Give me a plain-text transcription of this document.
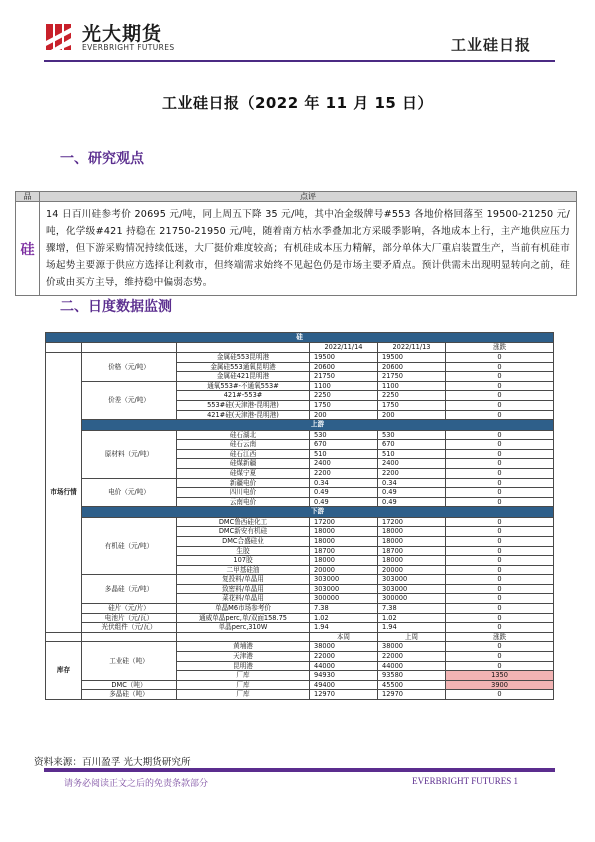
光大期货
EVERBRIGHT FUTURES	工业硅日报
工业硅日报（2022 年 11 月 15 日）
一、研究观点
品	点评
硅	14 日百川硅参考价 20695 元/吨，同上周五下降 35 元/吨，其中冶金级牌号#553 各地价格回落至 19500-21250 元/吨，化学级#421 持稳在 21750-21950 元/吨，随着南方枯水季叠加北方采暖季影响，各地成本上行，主产地供应压力骤增，但下游采购情况持续低迷，大厂挺价难度较高；有机硅成本压力精解，部分单体大厂重启装置生产，当前有机硅市场起势主要源于供应方选择让利救市，但终端需求始终不见起色仍是市场主要矛盾点。预计供需未出现明显转向之前，硅价或由买方主导，维持稳中偏弱态势。
二、日度数据监测
硅					
			2022/11/14	2022/11/13	涨跌
市场行情	价格（元/吨）	金属硅553昆明港	19500	19500	0
		金属硅553通氧昆明港	20600	20600	0
		金属硅421昆明港	21750	21750	0
	价差（元/吨）	通氧553#-不通氧553#	1100	1100	0
		421#-553#	2250	2250	0
		553#硅(天津港-昆明港)	1750	1750	0
		421#硅(天津港-昆明港)	200	200	0
	上游				
	原材料（元/吨）	硅石湖北	530	530	0
		硅石云南	670	670	0
		硅石江西	510	510	0
		硅煤新疆	2400	2400	0
		硅煤宁夏	2200	2200	0
	电价（元/吨）	新疆电价	0.34	0.34	0
		四川电价	0.49	0.49	0
		云南电价	0.49	0.49	0
	下游				
	有机硅（元/吨）	DMC鲁西硅化工	17200	17200	0
		DMC新安有机硅	18000	18000	0
		DMC合盛硅业	18000	18000	0
		生胶	18700	18700	0
		107胶	18000	18000	0
		二甲基硅油	20000	20000	0
	多晶硅（元/吨）	复投料/单晶用	303000	303000	0
		致密料/单晶用	303000	303000	0
		菜花料/单晶用	300000	300000	0
	硅片（元/片）	单晶M6市场参考价	7.38	7.38	0
	电池片（元/瓦）	通威单晶perc,单/双面158.75	1.02	1.02	0
	光伏组件（元/瓦）	单晶perc,310W	1.94	1.94	0
			本周	上周	涨跌
库存	工业硅（吨）	黄埔港	38000	38000	0
		天津港	22000	22000	0
		昆明港	44000	44000	0
		厂库	94930	93580	1350
	DMC（吨）	厂库	49400	45500	3900
	多晶硅（吨）	厂库	12970	12970	0
资料来源：百川盈孚 光大期货研究所
请务必阅读正文之后的免责条款部分	EVERBRIGHT FUTURES 1
